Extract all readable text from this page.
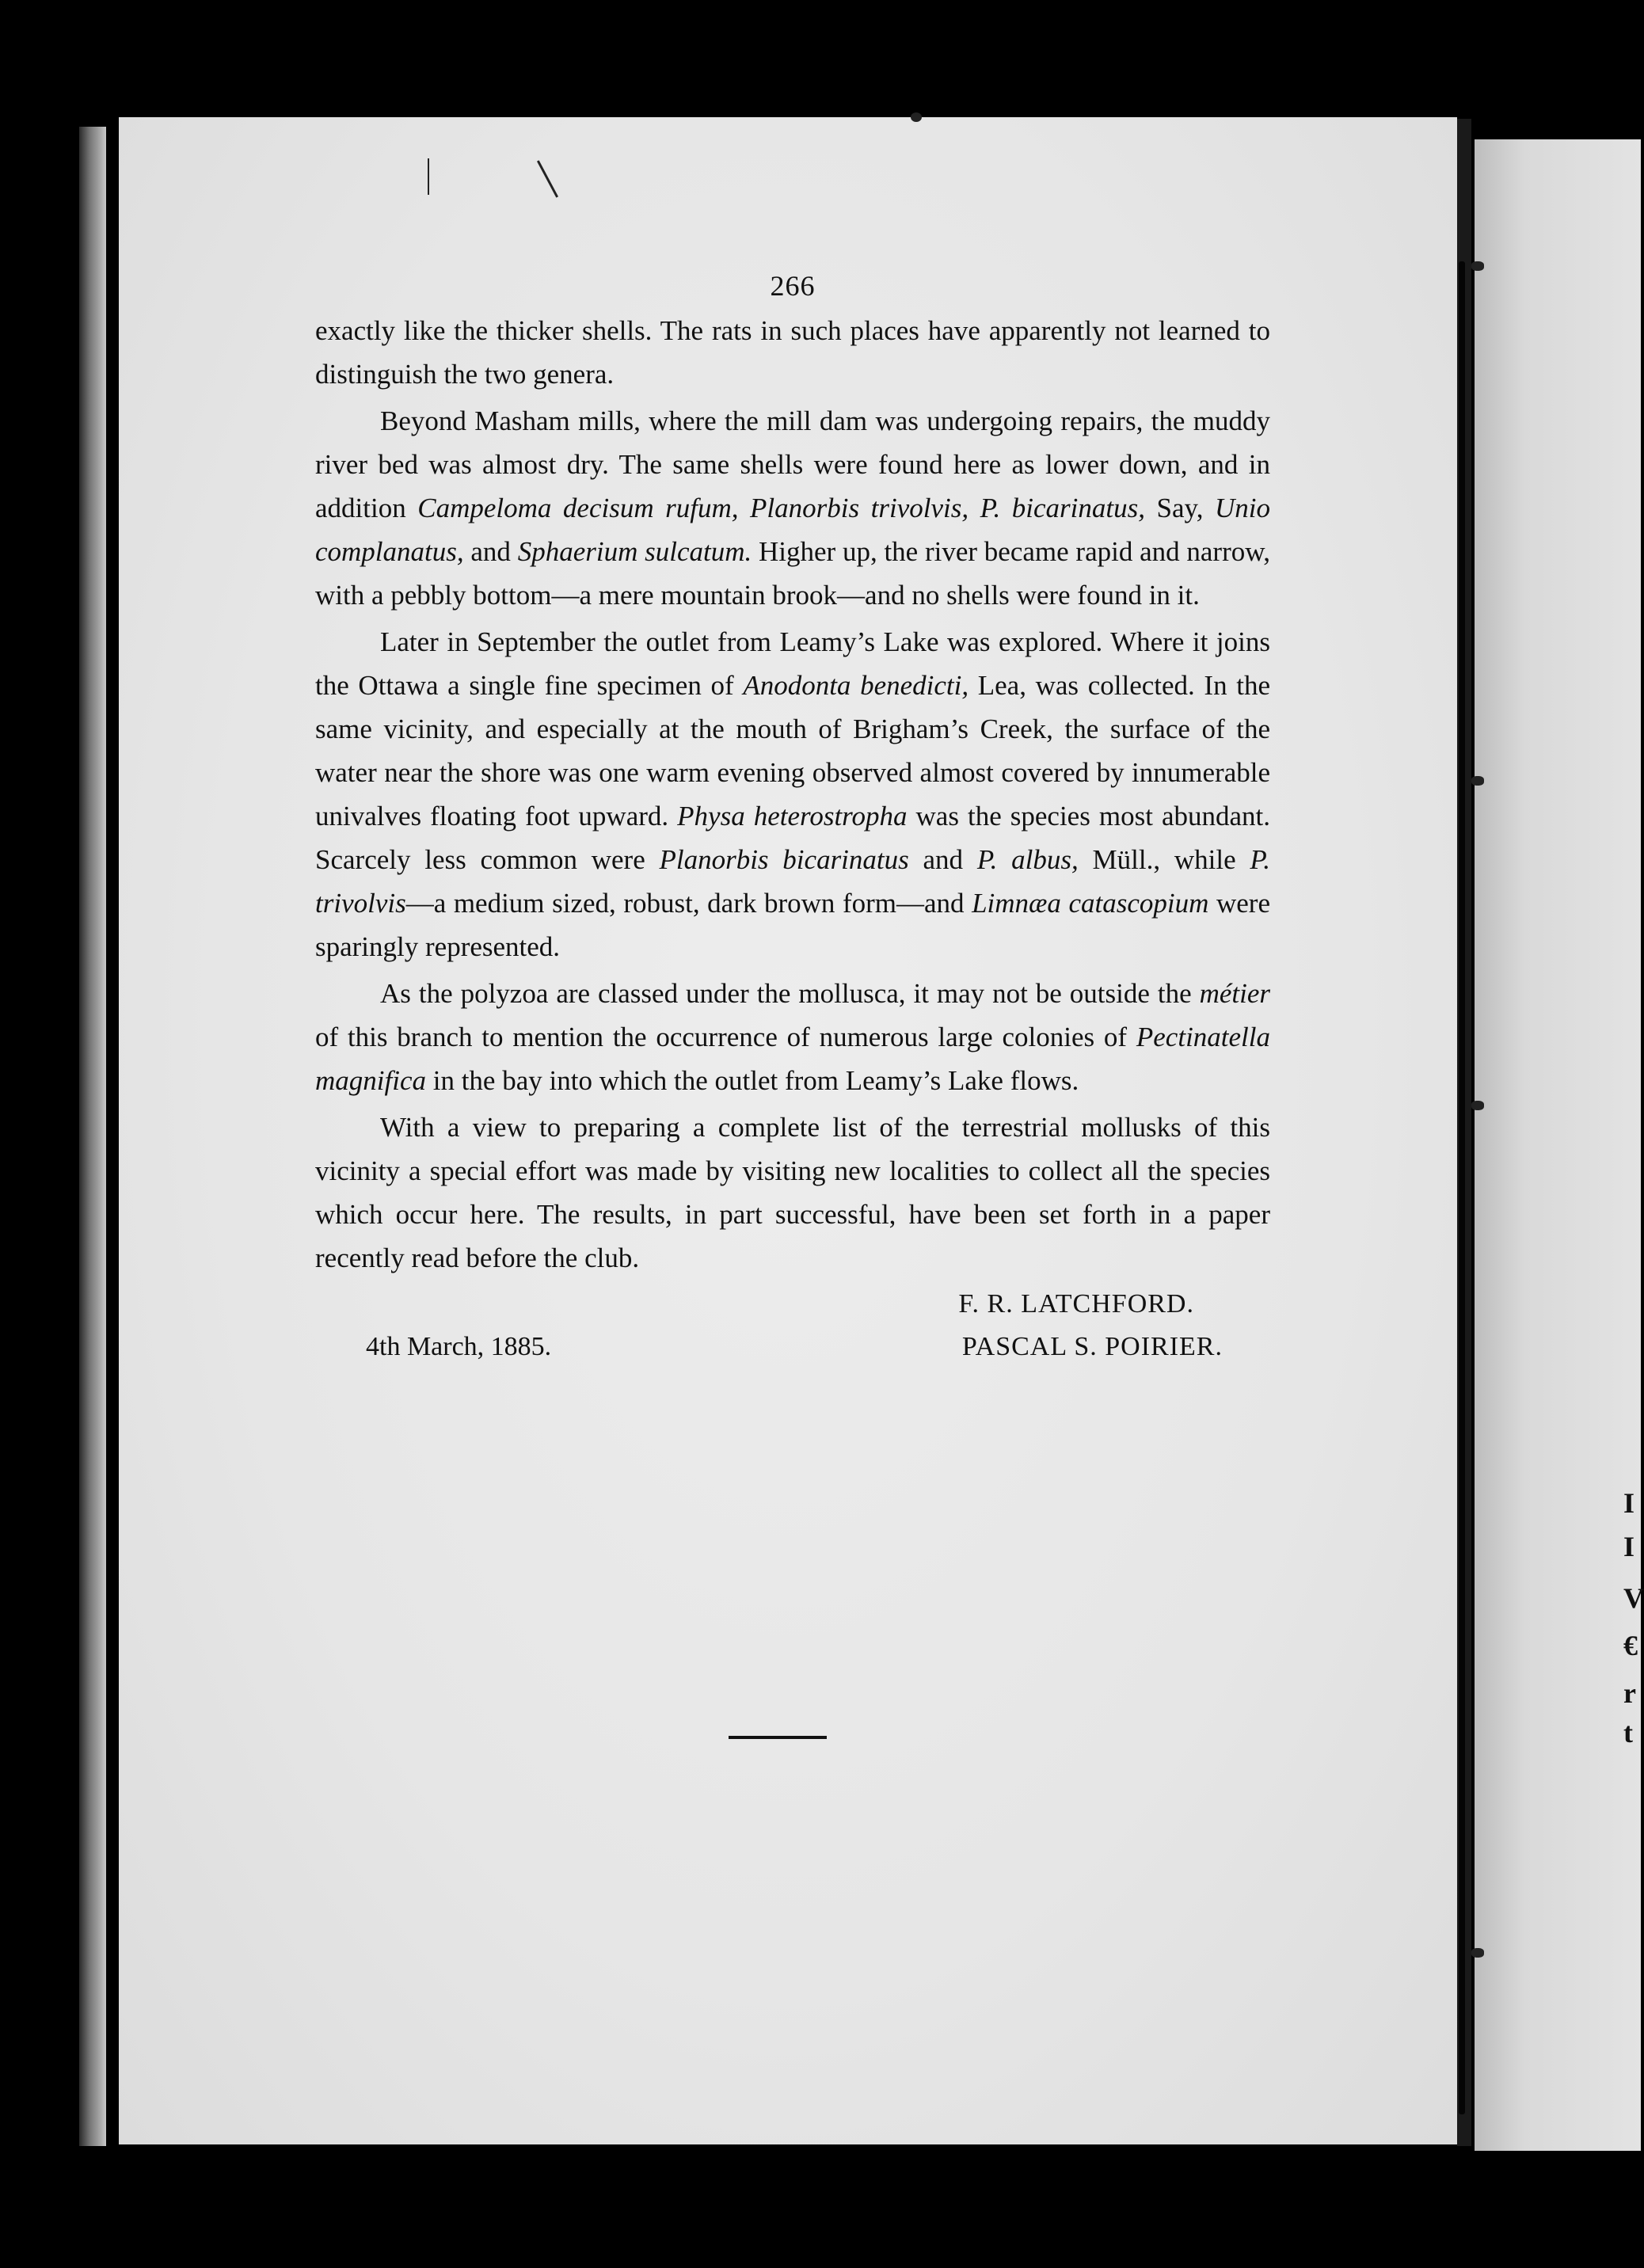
I
I
V
€
r
t
266

exactly like the thicker shells. The rats in such places have apparently not learned to distinguish the two genera.

Beyond Masham mills, where the mill dam was undergoing repairs, the muddy river bed was almost dry. The same shells were found here as lower down, and in addition Campeloma decisum rufum, Planorbis trivolvis, P. bicarinatus, Say, Unio complanatus, and Sphaerium sulcatum. Higher up, the river became rapid and narrow, with a pebbly bottom—a mere mountain brook—and no shells were found in it.

Later in September the outlet from Leamy’s Lake was explored. Where it joins the Ottawa a single fine specimen of Anodonta benedicti, Lea, was collected. In the same vicinity, and especially at the mouth of Brigham’s Creek, the surface of the water near the shore was one warm evening observed almost covered by innumerable univalves floating foot upward. Physa heterostropha was the species most abundant. Scarcely less common were Planorbis bicarinatus and P. albus, Müll., while P. trivolvis—a medium sized, robust, dark brown form—and Limnæa catascopium were sparingly represented.

As the polyzoa are classed under the mollusca, it may not be outside the métier of this branch to mention the occurrence of numerous large colonies of Pectinatella magnifica in the bay into which the outlet from Leamy’s Lake flows.

With a view to preparing a complete list of the terrestrial mollusks of this vicinity a special effort was made by visiting new localities to collect all the species which occur here. The results, in part successful, have been set forth in a paper recently read before the club.

F. R. LATCHFORD.
4th March, 1885.	PASCAL S. POIRIER.
